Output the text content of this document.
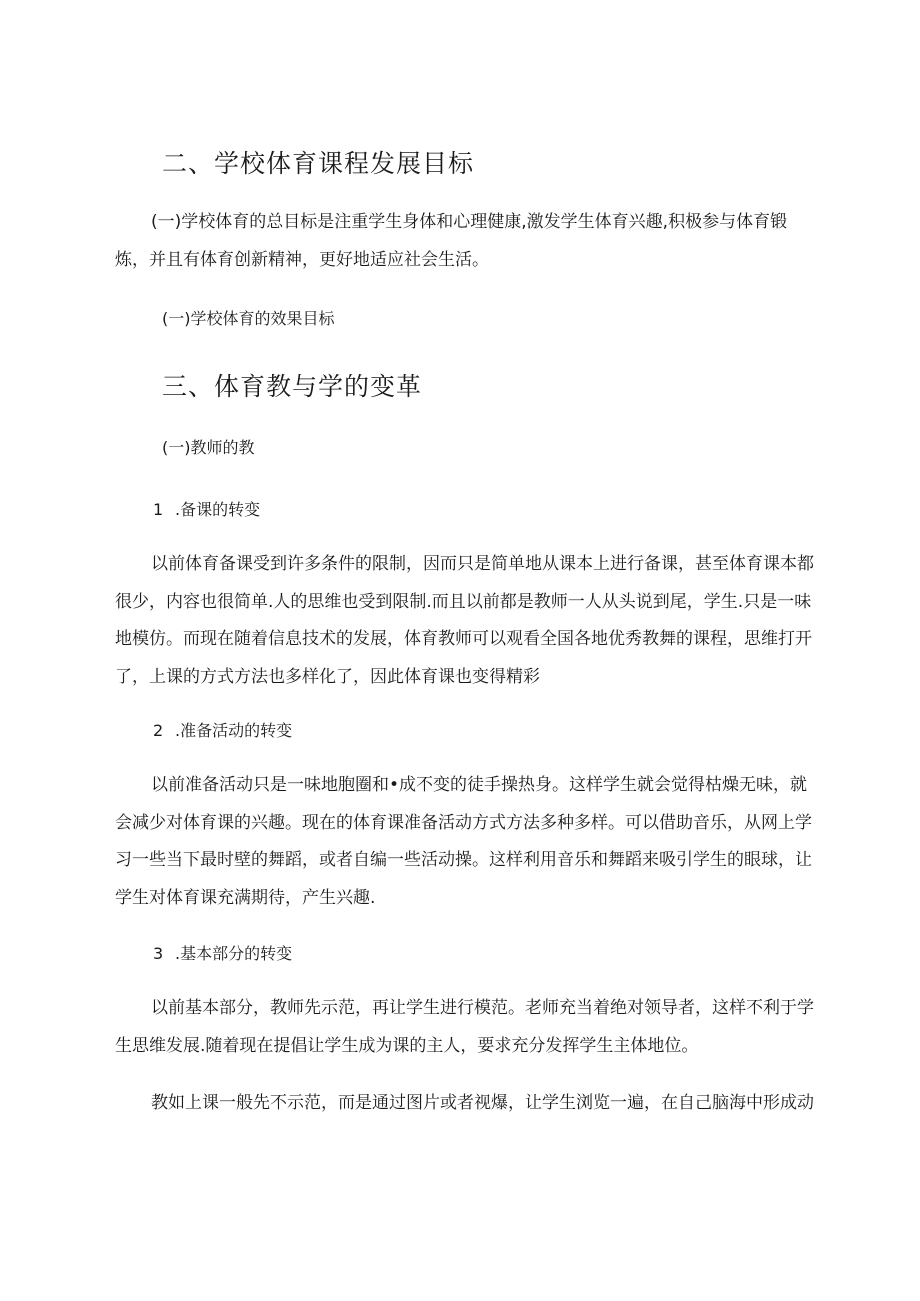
二、学校体育课程发展目标

(一)学校体育的总目标是注重学生身体和心理健康,激发学生体育兴趣,积极参与体育锻炼，并且有体育创新精神，更好地适应社会生活。

(一)学校体育的效果目标
三、体育教与学的变革
(一)教师的教
1 .备课的转变

以前体育备课受到许多条件的限制，因而只是简单地从课本上进行备课，甚至体育课本都很少，内容也很简单.人的思维也受到限制.而且以前都是教师一人从头说到尾，学生.只是一味地模仿。而现在随着信息技术的发展，体育教师可以观看全国各地优秀教舞的课程，思维打开了，上课的方式方法也多样化了，因此体育课也变得精彩

2 .准备活动的转变

以前准备活动只是一味地胞圈和•成不变的徒手操热身。这样学生就会觉得枯燥无味，就会减少对体育课的兴趣。现在的体育课准备活动方式方法多种多样。可以借助音乐，从网上学习一些当下最时壁的舞蹈，或者自编一些活动操。这样利用音乐和舞蹈来吸引学生的眼球，让学生对体育课充满期待，产生兴趣.

3 .基本部分的转变

以前基本部分，教师先示范，再让学生进行模范。老师充当着绝对领导者，这样不利于学生思维发展.随着现在提倡让学生成为课的主人，要求充分发挥学生主体地位。

教如上课一般先不示范，而是通过图片或者视爆，让学生浏览一遍，在自己脑海中形成动
